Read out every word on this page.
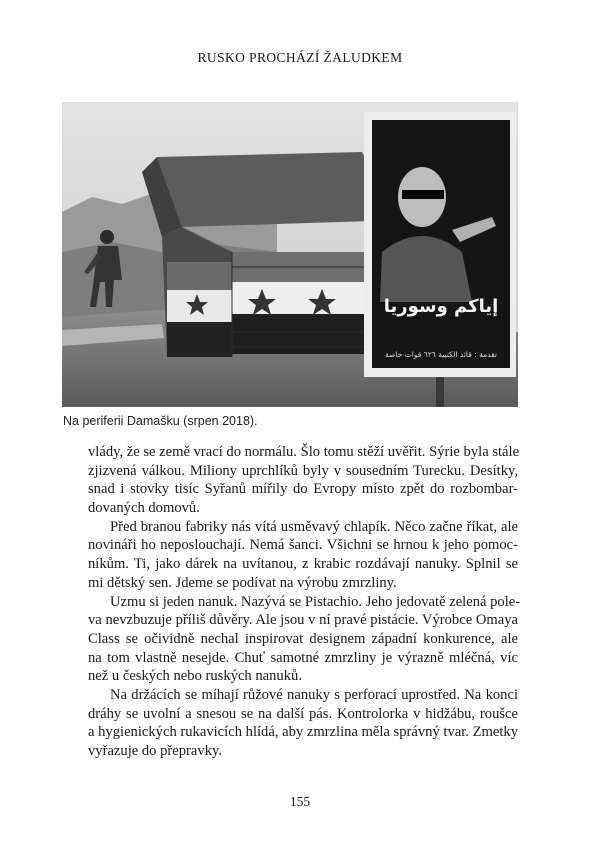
RUSKO PROCHÁZÍ ŽALUDKEM
إياكم وسوريا
تقدمة : قائد الكتيبة ٦٢٦ قوات خاصة
Na periferii Damašku (srpen 2018).
vlády, že se země vrací do normálu. Šlo tomu stěží uvěřit. Sýrie byla stále
zjizvená válkou. Miliony uprchlíků byly v sousedním Turecku. Desítky,
snad i stovky tisíc Syřanů mířily do Evropy místo zpět do rozbombar-
dovaných domovů.
Před branou fabriky nás vítá usměvavý chlapík. Něco začne říkat, ale
novináři ho neposlouchají. Nemá šanci. Všichni se hrnou k jeho pomoc-
níkům. Ti, jako dárek na uvítanou, z krabic rozdávají nanuky. Splnil se
mi dětský sen. Jdeme se podívat na výrobu zmrzliny.
Uzmu si jeden nanuk. Nazývá se Pistachio. Jeho jedovatě zelená pole-
va nevzbuzuje příliš důvěry. Ale jsou v ní pravé pistácie. Výrobce Omaya
Class se očividně nechal inspirovat designem západní konkurence, ale
na tom vlastně nesejde. Chuť samotné zmrzliny je výrazně mléčná, víc
než u českých nebo ruských nanuků.
Na držácích se míhají růžové nanuky s perforací uprostřed. Na konci
dráhy se uvolní a snesou se na další pás. Kontrolorka v hidžábu, roušce
a hygienických rukavicích hlídá, aby zmrzlina měla správný tvar. Zmetky
vyřazuje do přepravky.
155
